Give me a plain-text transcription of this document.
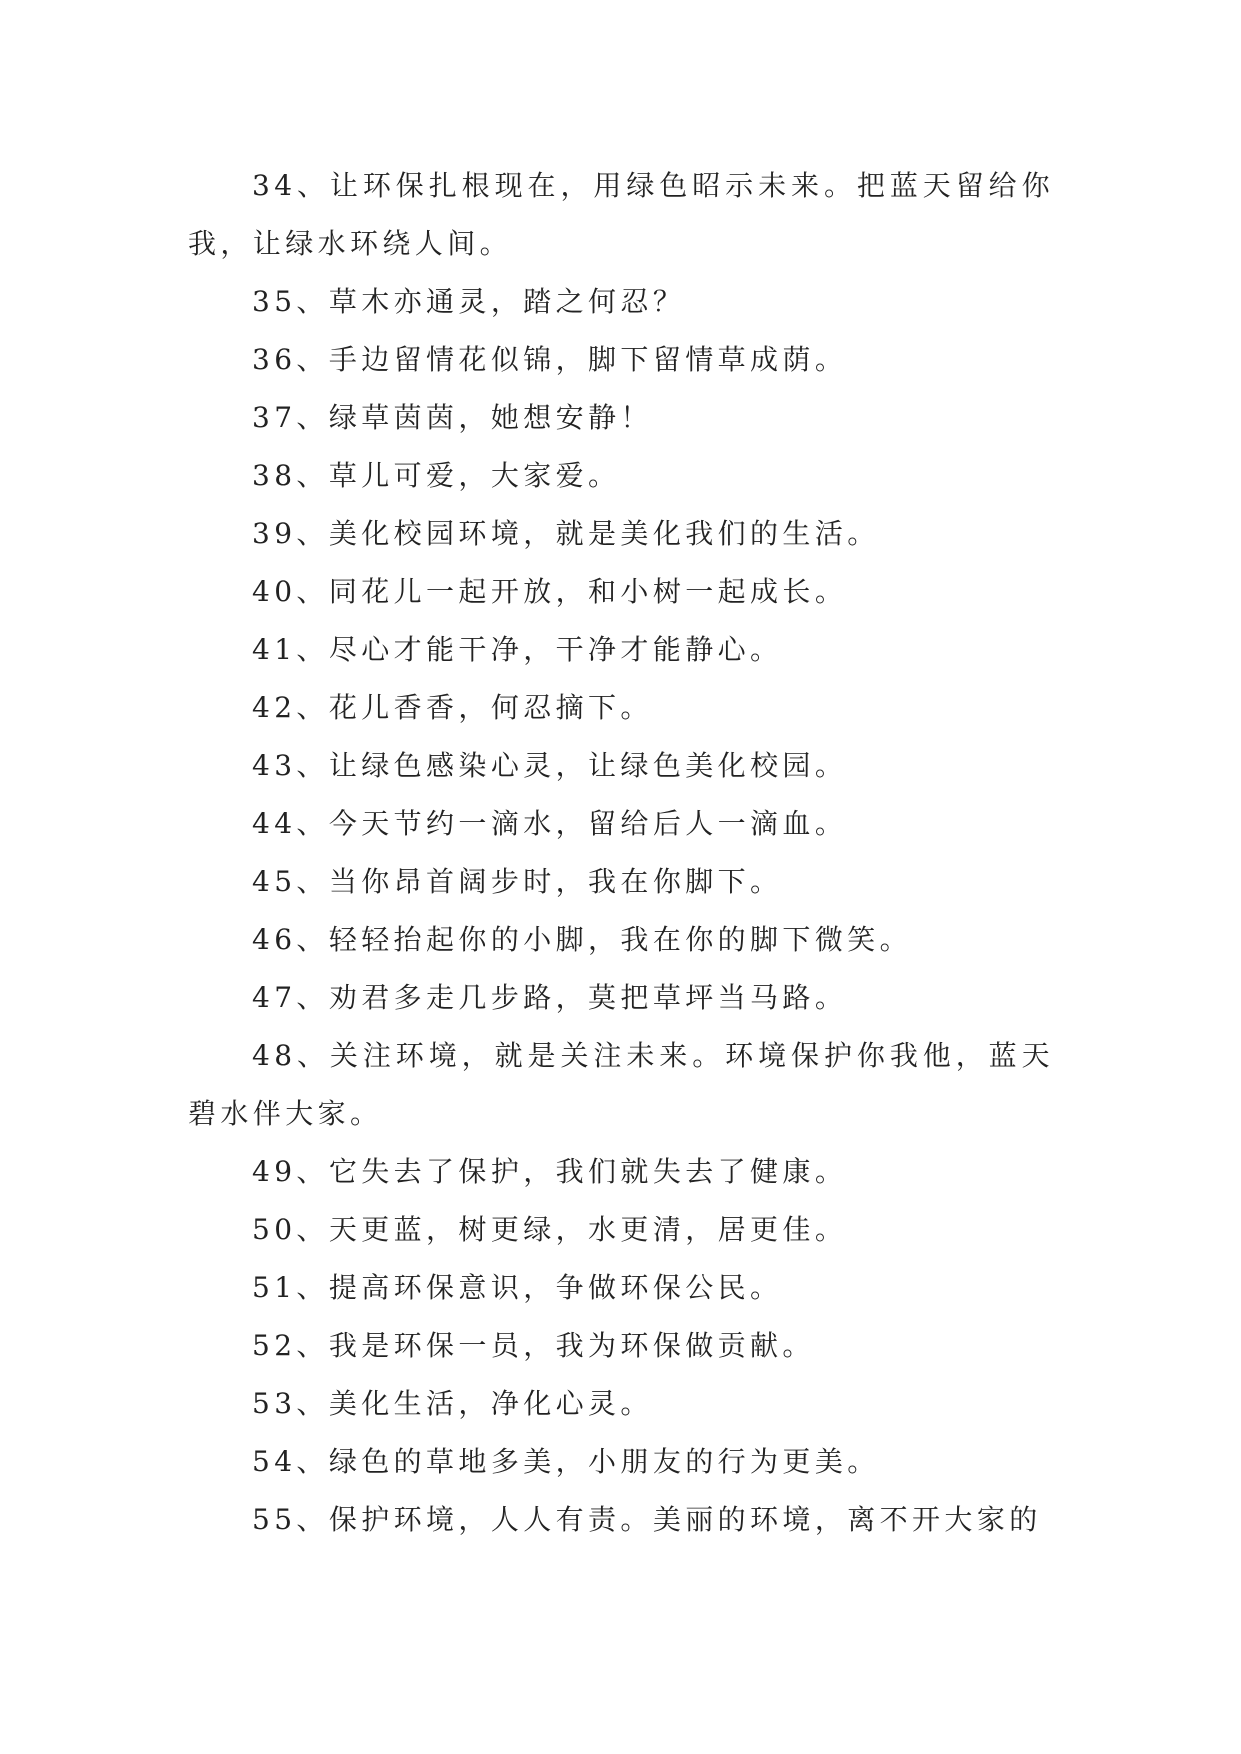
34、让环保扎根现在，用绿色昭示未来。把蓝天留给你我，让绿水环绕人间。

35、草木亦通灵，踏之何忍？

36、手边留情花似锦，脚下留情草成荫。

37、绿草茵茵，她想安静！

38、草儿可爱，大家爱。

39、美化校园环境，就是美化我们的生活。

40、同花儿一起开放，和小树一起成长。

41、尽心才能干净，干净才能静心。

42、花儿香香，何忍摘下。

43、让绿色感染心灵，让绿色美化校园。

44、今天节约一滴水，留给后人一滴血。

45、当你昂首阔步时，我在你脚下。

46、轻轻抬起你的小脚，我在你的脚下微笑。

47、劝君多走几步路，莫把草坪当马路。

48、关注环境，就是关注未来。环境保护你我他，蓝天碧水伴大家。

49、它失去了保护，我们就失去了健康。

50、天更蓝，树更绿，水更清，居更佳。

51、提高环保意识，争做环保公民。

52、我是环保一员，我为环保做贡献。

53、美化生活，净化心灵。

54、绿色的草地多美，小朋友的行为更美。

55、保护环境，人人有责。美丽的环境，离不开大家的
